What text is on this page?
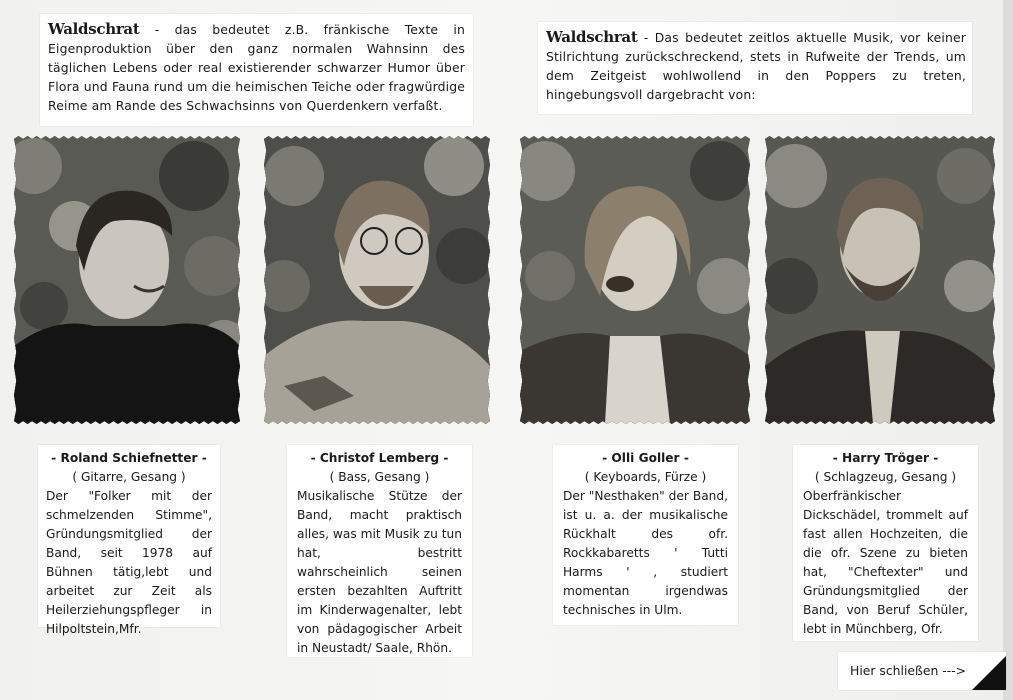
Waldschrat - das bedeutet z.B. fränkische Texte in Eigenproduktion über den ganz normalen Wahnsinn des täglichen Lebens oder real existierender schwarzer Humor über Flora und Fauna rund um die heimischen Teiche oder fragwürdige Reime am Rande des Schwachsinns von Querdenkern verfaßt.
Waldschrat - Das bedeutet zeitlos aktuelle Musik, vor keiner Stilrichtung zurückschreckend, stets in Rufweite der Trends, um dem Zeitgeist wohlwollend in den Poppers zu treten, hingebungsvoll dargebracht von:
- Roland Schiefnetter -
( Gitarre, Gesang )
Der "Folker mit der schmelzenden Stimme", Gründungsmitglied der Band, seit 1978 auf Bühnen tätig,lebt und arbeitet zur Zeit als Heilerziehungspfleger in Hilpoltstein,Mfr.
- Christof Lemberg -
( Bass, Gesang )
Musikalische Stütze der Band, macht praktisch alles, was mit Musik zu tun hat, bestritt wahrscheinlich seinen ersten bezahlten Auftritt im Kinderwagenalter, lebt von pädagogischer Arbeit in Neustadt/ Saale, Rhön.
- Olli Goller -
( Keyboards, Fürze )
Der "Nesthaken" der Band, ist u. a. der musikalische Rückhalt des ofr. Rockkabaretts ' Tutti Harms ' , studiert momentan irgendwas technisches in Ulm.
- Harry Tröger -
( Schlagzeug, Gesang )
Oberfränkischer Dickschädel, trommelt auf fast allen Hochzeiten, die die ofr. Szene zu bieten hat, "Cheftexter" und Gründungsmitglied der Band, von Beruf Schüler, lebt in Münchberg, Ofr.
Hier schließen --->
